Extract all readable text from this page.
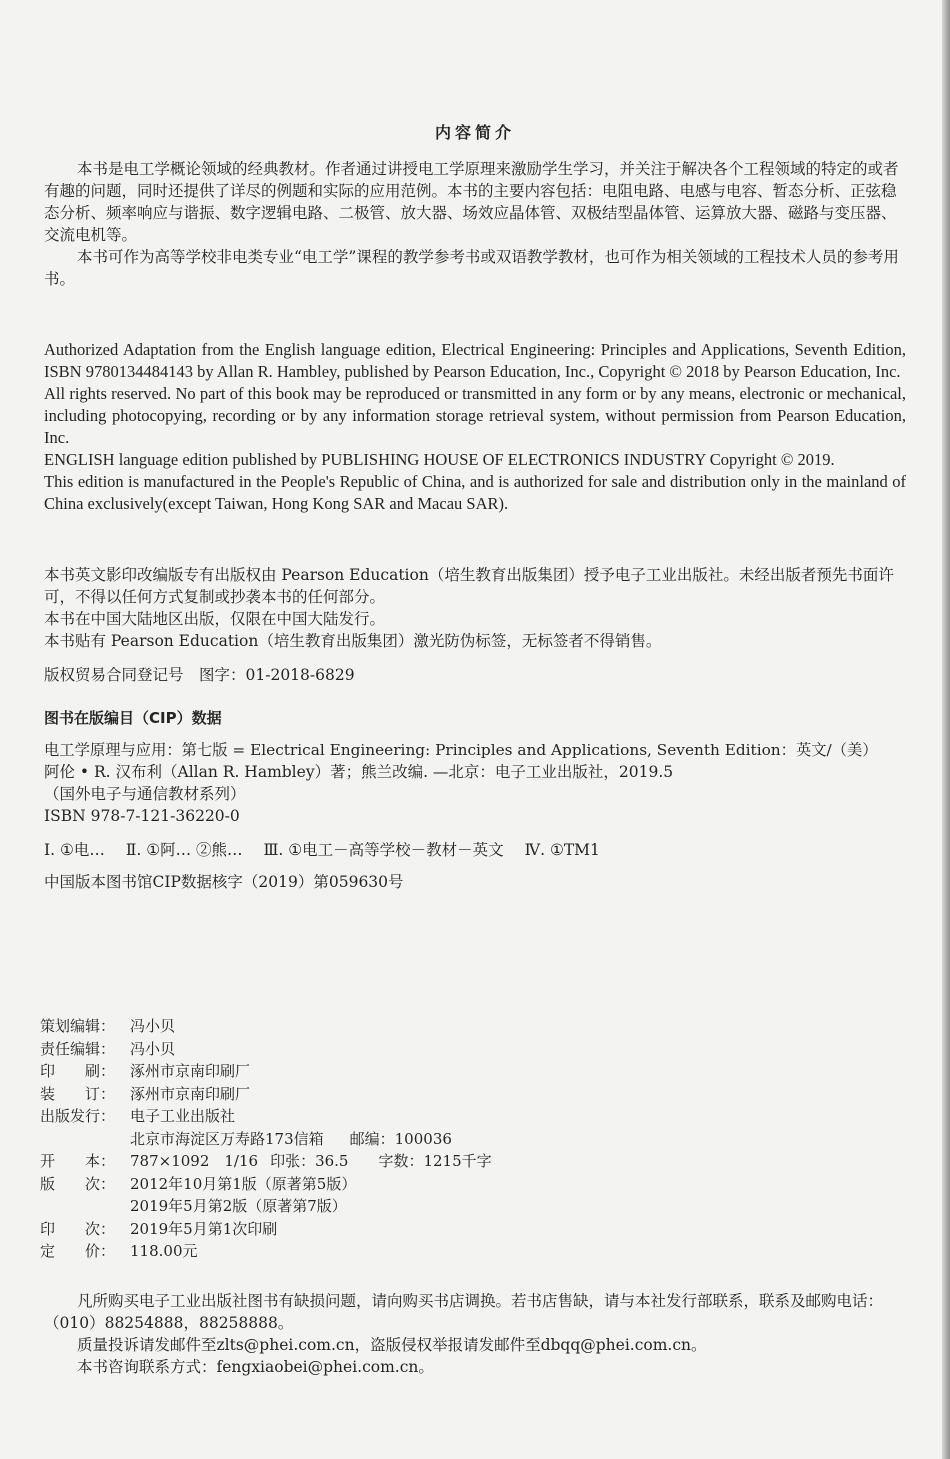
内容简介

本书是电工学概论领域的经典教材。作者通过讲授电工学原理来激励学生学习，并关注于解决各个工程领域的特定的或者有趣的问题，同时还提供了详尽的例题和实际的应用范例。本书的主要内容包括：电阻电路、电感与电容、暂态分析、正弦稳态分析、频率响应与谐振、数字逻辑电路、二极管、放大器、场效应晶体管、双极结型晶体管、运算放大器、磁路与变压器、交流电机等。

本书可作为高等学校非电类专业“电工学”课程的教学参考书或双语教学教材，也可作为相关领域的工程技术人员的参考用书。

Authorized Adaptation from the English language edition, Electrical Engineering: Principles and Applications, Seventh Edition, ISBN 9780134484143 by Allan R. Hambley, published by Pearson Education, Inc., Copyright © 2018 by Pearson Education, Inc.

All rights reserved. No part of this book may be reproduced or transmitted in any form or by any means, electronic or mechanical, including photocopying, recording or by any information storage retrieval system, without permission from Pearson Education, Inc.

ENGLISH language edition published by PUBLISHING HOUSE OF ELECTRONICS INDUSTRY Copyright © 2019.

This edition is manufactured in the People's Republic of China, and is authorized for sale and distribution only in the mainland of China exclusively(except Taiwan, Hong Kong SAR and Macau SAR).

本书英文影印改编版专有出版权由 Pearson Education（培生教育出版集团）授予电子工业出版社。未经出版者预先书面许可，不得以任何方式复制或抄袭本书的任何部分。

本书在中国大陆地区出版，仅限在中国大陆发行。

本书贴有 Pearson Education（培生教育出版集团）激光防伪标签，无标签者不得销售。

版权贸易合同登记号　图字：01-2018-6829

图书在版编目（CIP）数据

电工学原理与应用：第七版 = Electrical Engineering: Principles and Applications, Seventh Edition：英文/（美）

阿伦 • R. 汉布利（Allan R. Hambley）著；熊兰改编. —北京：电子工业出版社，2019.5

（国外电子与通信教材系列）

ISBN 978-7-121-36220-0

Ⅰ. ①电… Ⅱ. ①阿… ②熊… Ⅲ. ①电工－高等学校－教材－英文 Ⅳ. ①TM1

中国版本图书馆CIP数据核字（2019）第059630号

策划编辑： 冯小贝
责任编辑： 冯小贝
印　　刷： 涿州市京南印刷厂
装　　订： 涿州市京南印刷厂
出版发行： 电子工业出版社
北京市海淀区万寿路173信箱 邮编：100036
开　　本： 787×1092　1/16 印张：36.5 字数：1215千字
版　　次： 2012年10月第1版（原著第5版）
2019年5月第2版（原著第7版）
印　　次： 2019年5月第1次印刷
定　　价： 118.00元

凡所购买电子工业出版社图书有缺损问题，请向购买书店调换。若书店售缺，请与本社发行部联系，联系及邮购电话：（010）88254888，88258888。

质量投诉请发邮件至zlts@phei.com.cn，盗版侵权举报请发邮件至dbqq@phei.com.cn。

本书咨询联系方式：fengxiaobei@phei.com.cn。
